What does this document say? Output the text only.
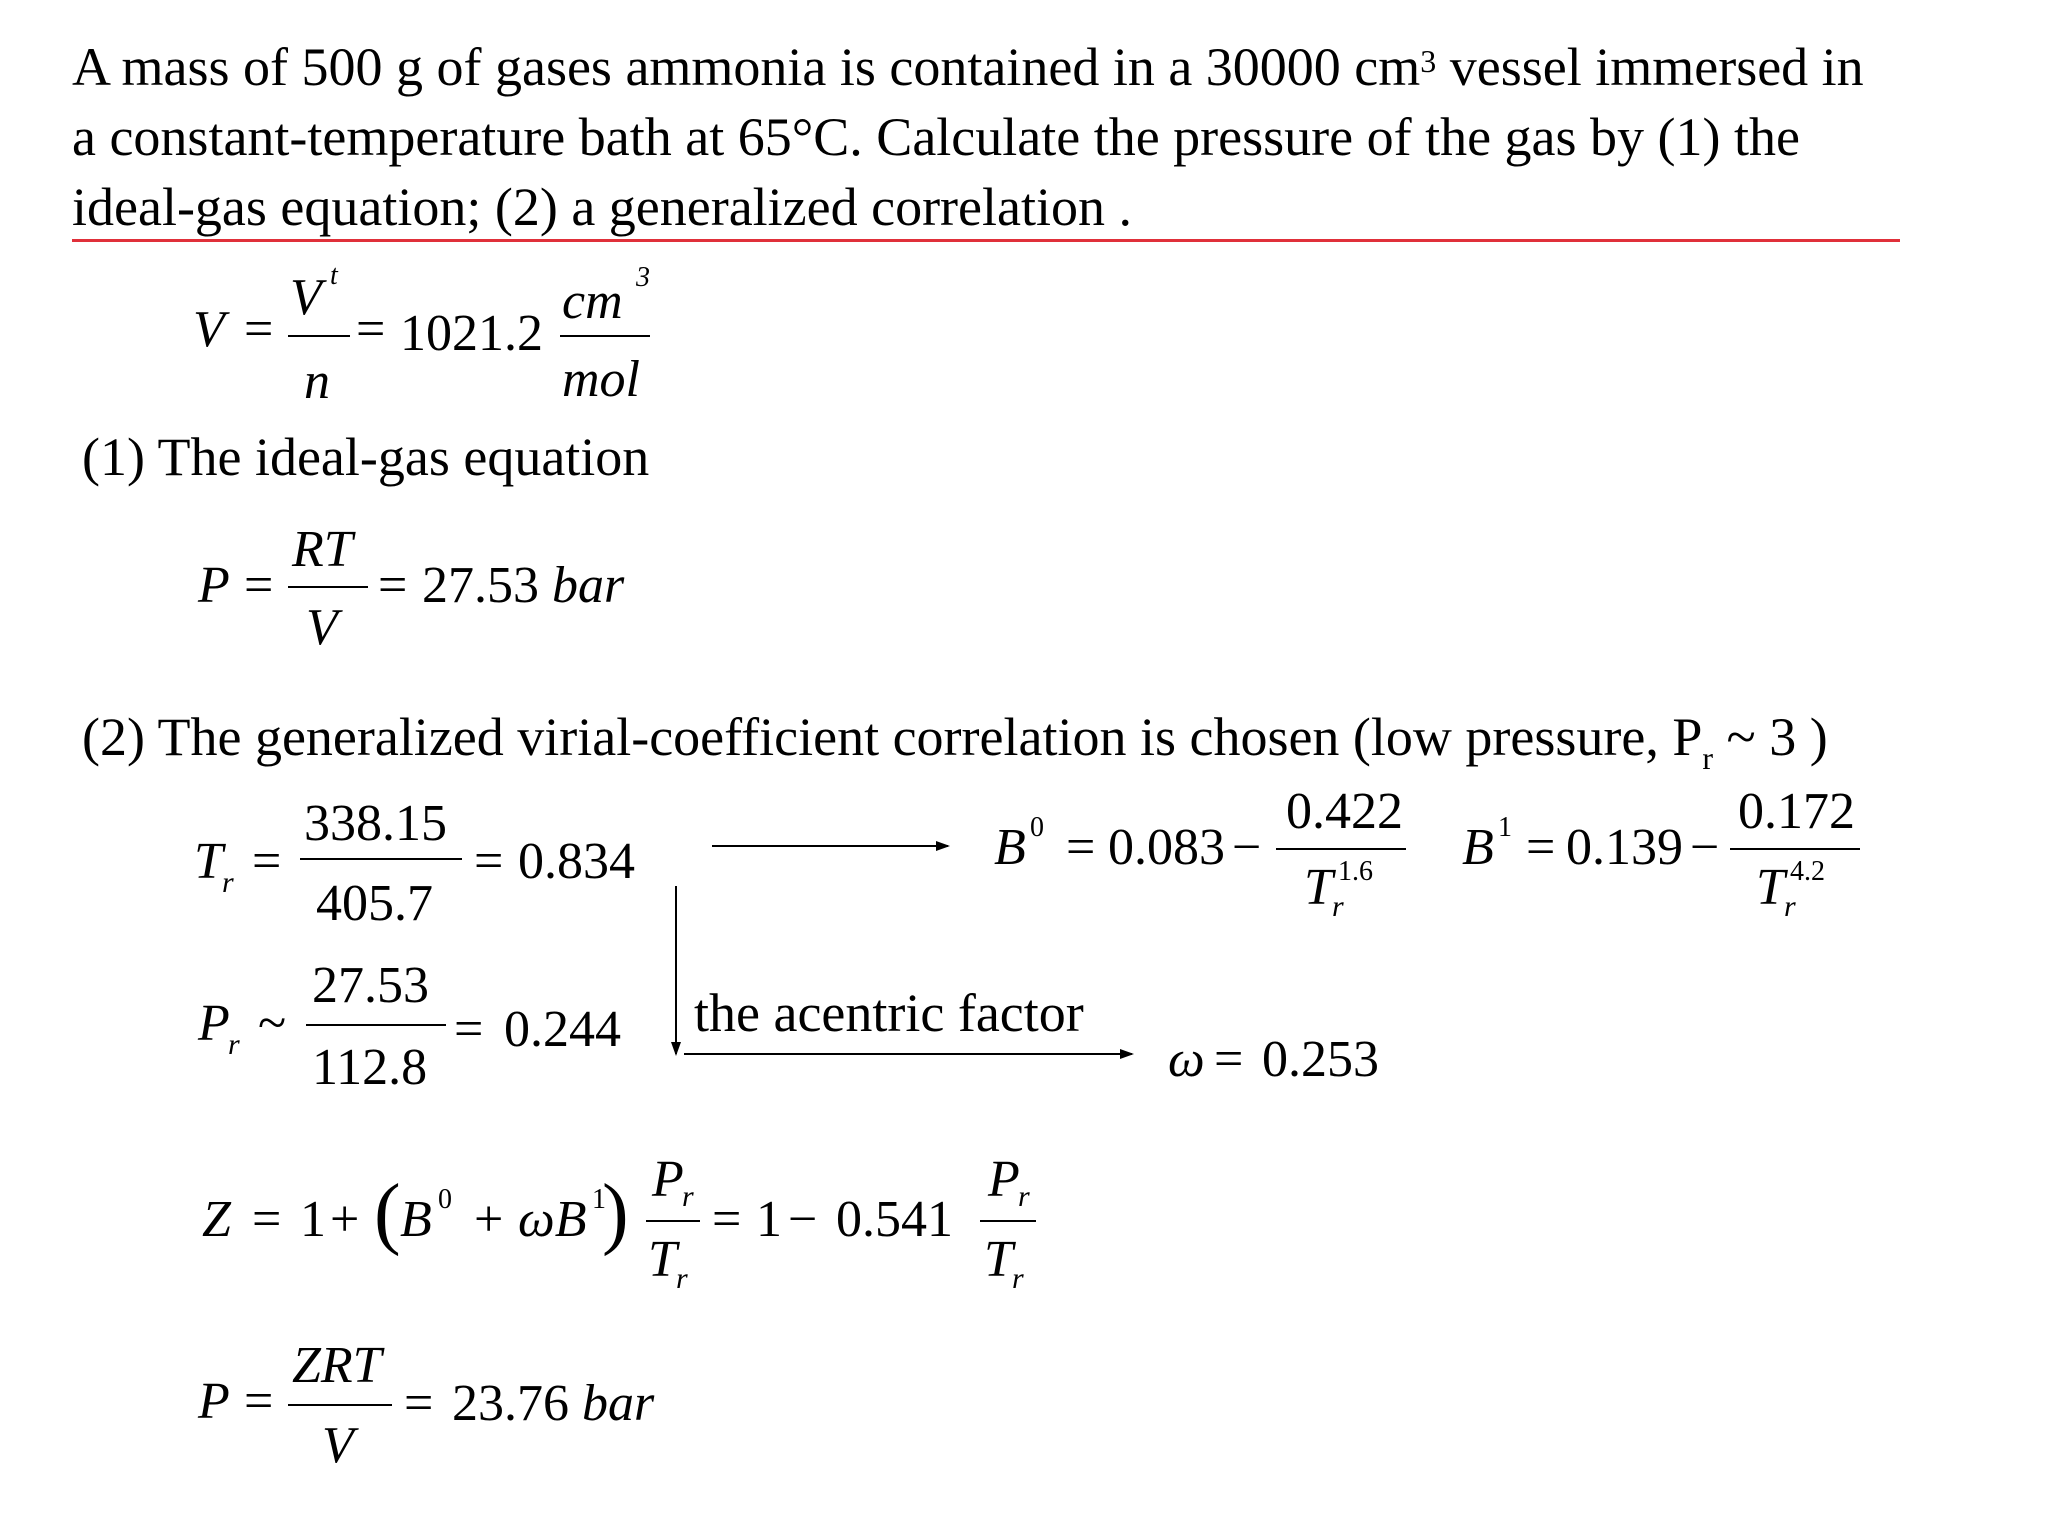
A mass of 500 g of gases ammonia is contained in a 30000 $cm^3$ vessel immersed in
a constant-temperature bath at 65°C. Calculate the pressure of the gas by (1) the
ideal-gas equation; (2) a generalized correlation .
V =
V t
n
= 1021.2
cm 3
mol
(1) The ideal-gas equation
P =
RT
V
= 27.53 bar
(2) The generalized virial-coefficient correlation is chosen (low pressure, $P_r$ ~ 3 )
T r =
338.15
405.7
= 0.834
P
r ~
27.53
112.8
= 0.244
B 0 = 0.083 −
0.422
T r
1.6 B 1 = 0.139 −
0.172
T r
4.2
the acentric factor
ω = 0.253
Z = 1 + ( B 0 + ωB 1
) P
r
T r
= 1 − 0.541
P
r
T r
P =
ZRT
V
= 23.76 bar
